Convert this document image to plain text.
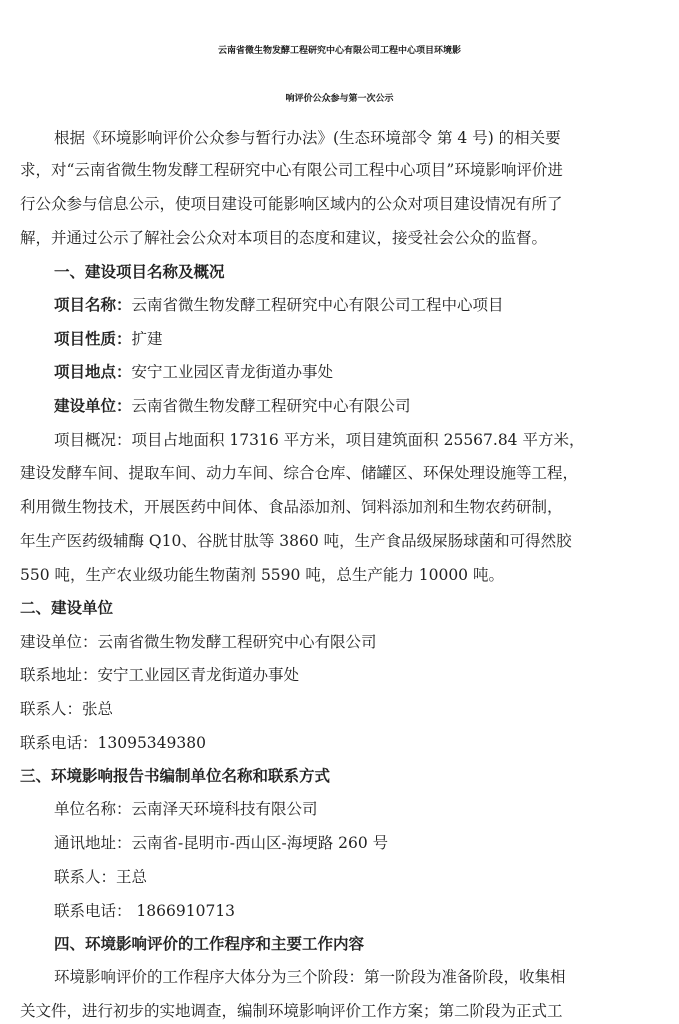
云南省微生物发酵工程研究中心有限公司工程中心项目环境影
响评价公众参与第一次公示
根据《环境影响评价公众参与暂行办法》(生态环境部令 第 4 号) 的相关要
求，对“云南省微生物发酵工程研究中心有限公司工程中心项目”环境影响评价进
行公众参与信息公示，使项目建设可能影响区域内的公众对项目建设情况有所了
解，并通过公示了解社会公众对本项目的态度和建议，接受社会公众的监督。
一、建设项目名称及概况
项目名称：云南省微生物发酵工程研究中心有限公司工程中心项目
项目性质：扩建
项目地点：安宁工业园区青龙街道办事处
建设单位：云南省微生物发酵工程研究中心有限公司
项目概况：项目占地面积 17316 平方米，项目建筑面积 25567.84 平方米，
建设发酵车间、提取车间、动力车间、综合仓库、储罐区、环保处理设施等工程，
利用微生物技术，开展医药中间体、食品添加剂、饲料添加剂和生物农药研制，
年生产医药级辅酶 Q10、谷胱甘肽等 3860 吨，生产食品级屎肠球菌和可得然胶
550 吨，生产农业级功能生物菌剂 5590 吨，总生产能力 10000 吨。
二、建设单位
建设单位：云南省微生物发酵工程研究中心有限公司
联系地址：安宁工业园区青龙街道办事处
联系人：张总
联系电话：13095349380
三、环境影响报告书编制单位名称和联系方式
单位名称：云南泽天环境科技有限公司
通讯地址：云南省-昆明市-西山区-海埂路 260 号
联系人：王总
联系电话： 1866910713
四、环境影响评价的工作程序和主要工作内容
环境影响评价的工作程序大体分为三个阶段：第一阶段为准备阶段，收集相
关文件，进行初步的实地调查，编制环境影响评价工作方案；第二阶段为正式工
